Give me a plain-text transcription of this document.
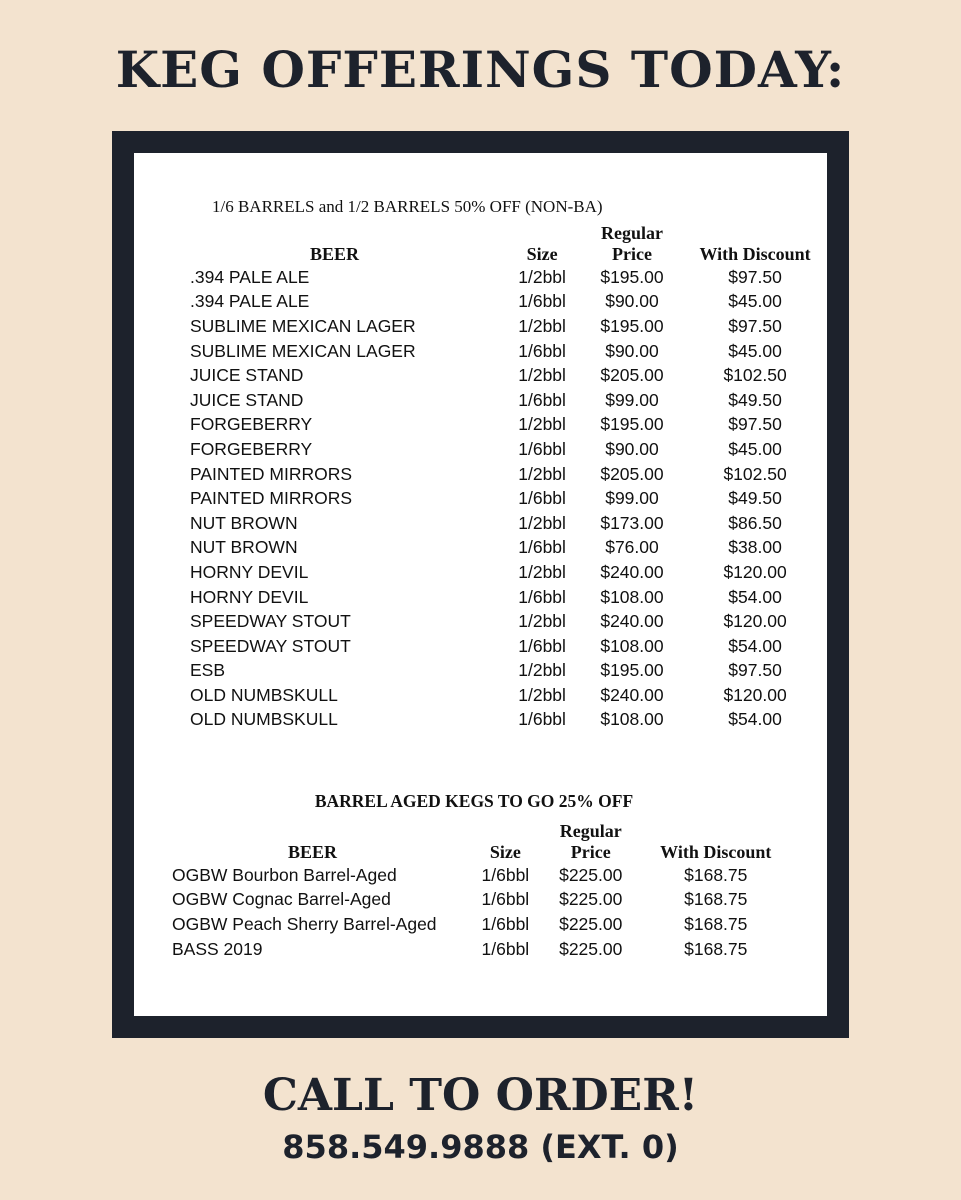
KEG OFFERINGS TODAY:
1/6 BARRELS and 1/2 BARRELS 50% OFF (NON-BA)
BEER	Size	Regular
Price	With Discount
.394 PALE ALE	1/2bbl	$195.00	$97.50
.394 PALE ALE	1/6bbl	$90.00	$45.00
SUBLIME MEXICAN LAGER	1/2bbl	$195.00	$97.50
SUBLIME MEXICAN LAGER	1/6bbl	$90.00	$45.00
JUICE STAND	1/2bbl	$205.00	$102.50
JUICE STAND	1/6bbl	$99.00	$49.50
FORGEBERRY	1/2bbl	$195.00	$97.50
FORGEBERRY	1/6bbl	$90.00	$45.00
PAINTED MIRRORS	1/2bbl	$205.00	$102.50
PAINTED MIRRORS	1/6bbl	$99.00	$49.50
NUT BROWN	1/2bbl	$173.00	$86.50
NUT BROWN	1/6bbl	$76.00	$38.00
HORNY DEVIL	1/2bbl	$240.00	$120.00
HORNY DEVIL	1/6bbl	$108.00	$54.00
SPEEDWAY STOUT	1/2bbl	$240.00	$120.00
SPEEDWAY STOUT	1/6bbl	$108.00	$54.00
ESB	1/2bbl	$195.00	$97.50
OLD NUMBSKULL	1/2bbl	$240.00	$120.00
OLD NUMBSKULL	1/6bbl	$108.00	$54.00
BARREL AGED KEGS TO GO 25% OFF
BEER	Size	Regular
Price	With Discount
OGBW Bourbon Barrel-Aged	1/6bbl	$225.00	$168.75
OGBW Cognac Barrel-Aged	1/6bbl	$225.00	$168.75
OGBW Peach Sherry Barrel-Aged	1/6bbl	$225.00	$168.75
BASS 2019	1/6bbl	$225.00	$168.75
CALL TO ORDER!
858.549.9888 (EXT. 0)
